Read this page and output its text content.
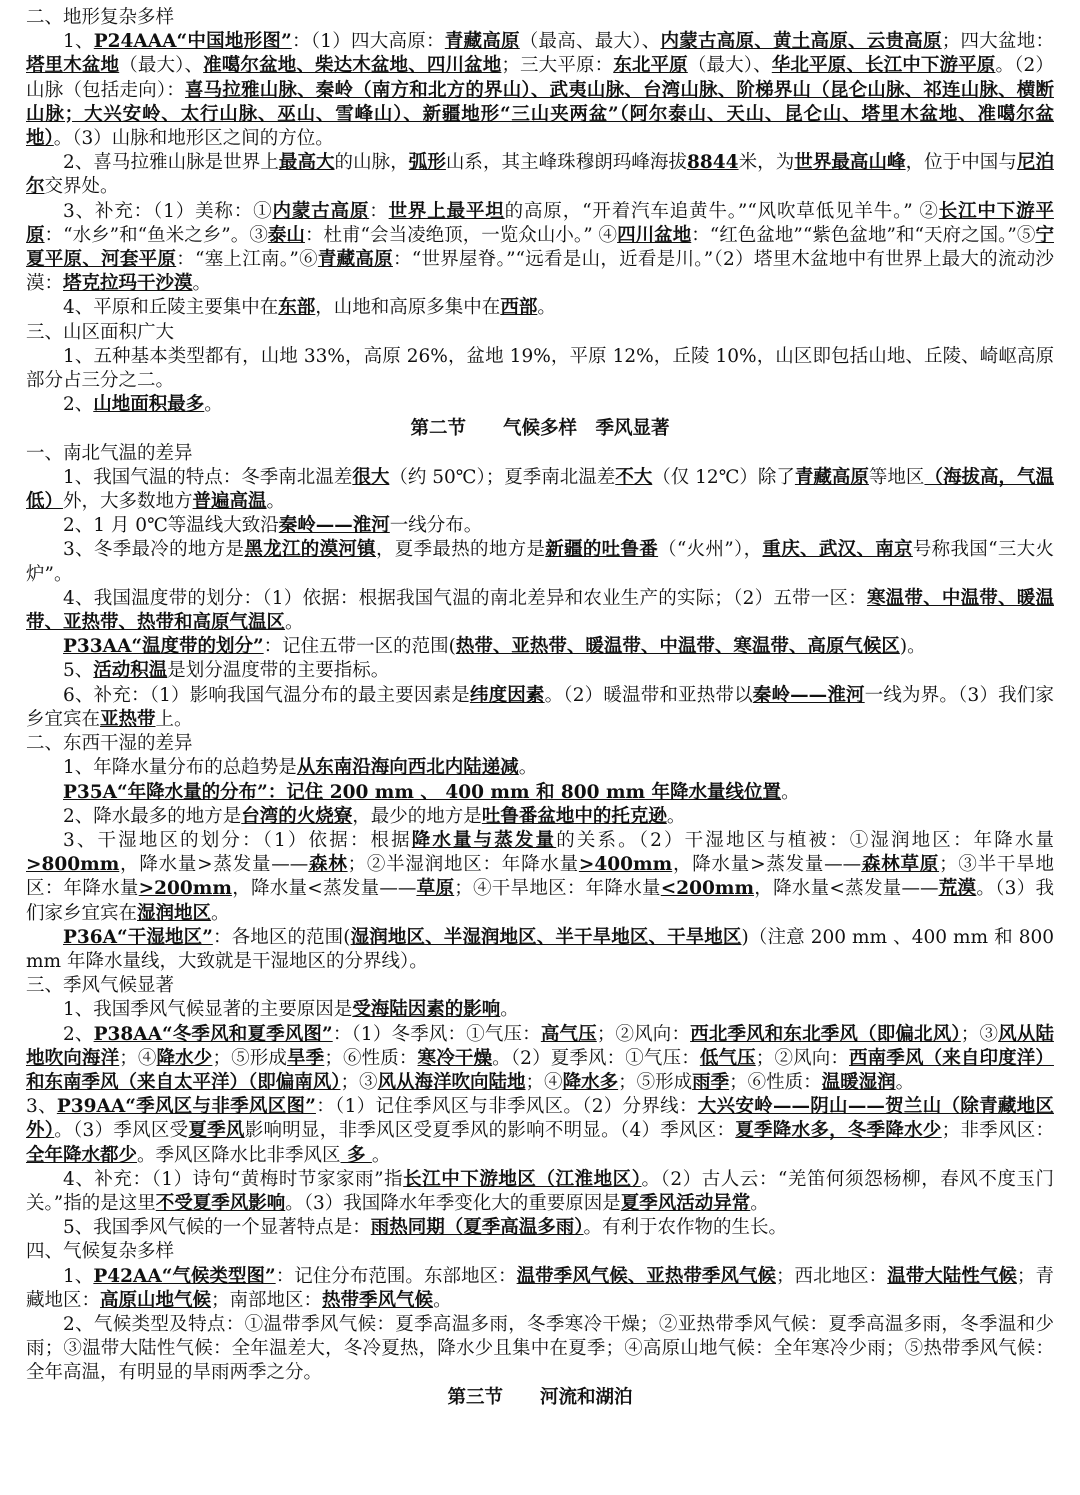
二、地形复杂多样
1、P24AAA“中国地形图”：（1）四大高原：青藏高原（最高、最大）、内蒙古高原、黄土高原、云贵高原；四大盆地：塔里木盆地（最大）、准噶尔盆地、柴达木盆地、四川盆地；三大平原：东北平原（最大）、华北平原、长江中下游平原。（2）山脉（包括走向）：喜马拉雅山脉、秦岭（南方和北方的界山）、武夷山脉、台湾山脉、阶梯界山（昆仑山脉、祁连山脉、横断山脉；大兴安岭、太行山脉、巫山、雪峰山）、新疆地形“三山夹两盆”（阿尔泰山、天山、昆仑山、塔里木盆地、准噶尔盆地）。（3）山脉和地形区之间的方位。
2、喜马拉雅山脉是世界上最高大的山脉，弧形山系，其主峰珠穆朗玛峰海拔8844米，为世界最高山峰，位于中国与尼泊尔交界处。
3、补充：（1）美称：①内蒙古高原：世界上最平坦的高原，“开着汽车追黄牛。”“风吹草低见羊牛。” ②长江中下游平原：“水乡”和“鱼米之乡”。③泰山：杜甫“会当凌绝顶，一览众山小。” ④四川盆地：“红色盆地”“紫色盆地”和“天府之国。”⑤宁夏平原、河套平原：“塞上江南。”⑥青藏高原：“世界屋脊。”“远看是山，近看是川。”（2）塔里木盆地中有世界上最大的流动沙漠：塔克拉玛干沙漠。
4、平原和丘陵主要集中在东部，山地和高原多集中在西部。
三、山区面积广大
1、五种基本类型都有，山地 33%，高原 26%，盆地 19%，平原 12%，丘陵 10%，山区即包括山地、丘陵、崎岖高原部分占三分之二。
2、山地面积最多。
第二节　　气候多样　季风显著
一、南北气温的差异
1、我国气温的特点：冬季南北温差很大（约 50℃）；夏季南北温差不大（仅 12℃）除了青藏高原等地区（海拔高，气温低）外，大多数地方普遍高温。
2、1 月 0℃等温线大致沿秦岭——淮河一线分布。
3、冬季最冷的地方是黑龙江的漠河镇，夏季最热的地方是新疆的吐鲁番（“火州”），重庆、武汉、南京号称我国“三大火炉”。
4、我国温度带的划分：（1）依据：根据我国气温的南北差异和农业生产的实际；（2）五带一区：寒温带、中温带、暖温带、亚热带、热带和高原气温区。
P33AA“温度带的划分”：记住五带一区的范围(热带、亚热带、暖温带、中温带、寒温带、高原气候区)。
5、活动积温是划分温度带的主要指标。
6、补充：（1）影响我国气温分布的最主要因素是纬度因素。（2）暖温带和亚热带以秦岭——淮河一线为界。（3）我们家乡宜宾在亚热带上。
二、东西干湿的差异
1、年降水量分布的总趋势是从东南沿海向西北内陆递减。
P35A“年降水量的分布”：记住 200 mm 、 400 mm 和 800 mm 年降水量线位置。
2、降水最多的地方是台湾的火烧寮，最少的地方是吐鲁番盆地中的托克逊。
3、干湿地区的划分：（1）依据：根据降水量与蒸发量的关系。（2）干湿地区与植被：①湿润地区：年降水量>800mm，降水量>蒸发量——森林；②半湿润地区：年降水量>400mm，降水量>蒸发量——森林草原；③半干旱地区：年降水量>200mm，降水量<蒸发量——草原；④干旱地区：年降水量<200mm，降水量<蒸发量——荒漠。（3）我们家乡宜宾在湿润地区。
P36A“干湿地区”：各地区的范围(湿润地区、半湿润地区、半干旱地区、干旱地区)（注意 200 mm 、400 mm 和 800 mm 年降水量线，大致就是干湿地区的分界线）。
三、季风气候显著
1、我国季风气候显著的主要原因是受海陆因素的影响。
2、P38AA“冬季风和夏季风图”：（1）冬季风：①气压：高气压；②风向：西北季风和东北季风（即偏北风）；③风从陆地吹向海洋；④降水少；⑤形成旱季；⑥性质：寒冷干燥。（2）夏季风：①气压：低气压；②风向：西南季风（来自印度洋）和东南季风（来自太平洋）（即偏南风）；③风从海洋吹向陆地；④降水多；⑤形成雨季；⑥性质：温暖湿润。
3、P39AA“季风区与非季风区图”：（1）记住季风区与非季风区。（2）分界线：大兴安岭——阴山——贺兰山（除青藏地区外）。（3）季风区受夏季风影响明显，非季风区受夏季风的影响不明显。（4）季风区：夏季降水多，冬季降水少；非季风区：全年降水都少。季风区降水比非季风区 多 。
4、补充：（1）诗句“黄梅时节家家雨”指长江中下游地区（江淮地区）。（2）古人云：“羌笛何须怨杨柳，春风不度玉门关。”指的是这里不受夏季风影响。（3）我国降水年季变化大的重要原因是夏季风活动异常。
5、我国季风气候的一个显著特点是：雨热同期（夏季高温多雨）。有利于农作物的生长。
四、气候复杂多样
1、P42AA“气候类型图”：记住分布范围。东部地区：温带季风气候、亚热带季风气候；西北地区：温带大陆性气候；青藏地区：高原山地气候；南部地区：热带季风气候。
2、气候类型及特点：①温带季风气候：夏季高温多雨，冬季寒冷干燥；②亚热带季风气候：夏季高温多雨，冬季温和少雨；③温带大陆性气候：全年温差大，冬冷夏热，降水少且集中在夏季；④高原山地气候：全年寒冷少雨；⑤热带季风气候：全年高温，有明显的旱雨两季之分。
第三节　　河流和湖泊
